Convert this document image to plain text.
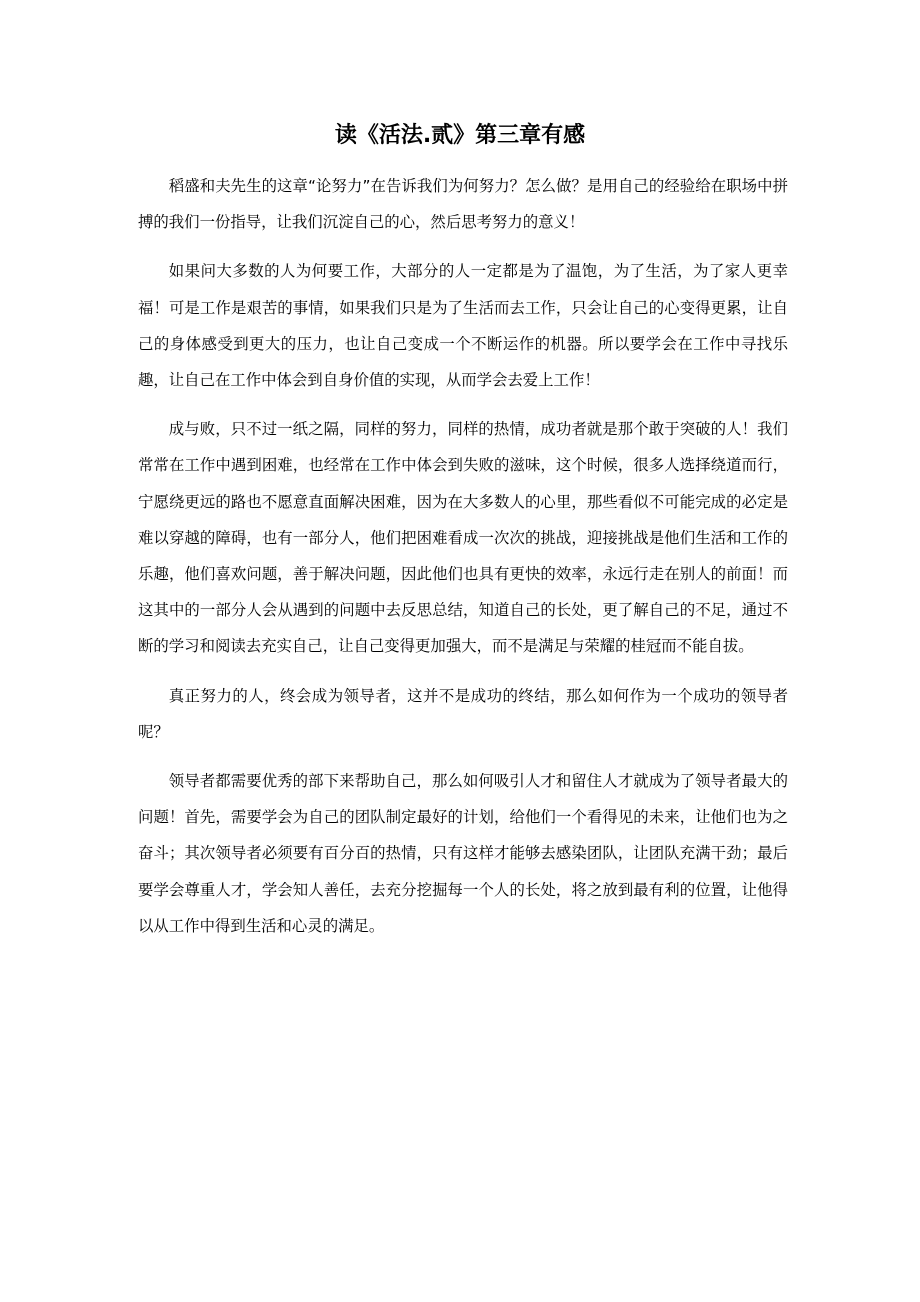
读《活法.贰》第三章有感

稻盛和夫先生的这章“论努力”在告诉我们为何努力？怎么做？是用自己的经验给在职场中拼搏的我们一份指导，让我们沉淀自己的心，然后思考努力的意义！

如果问大多数的人为何要工作，大部分的人一定都是为了温饱，为了生活，为了家人更幸福！可是工作是艰苦的事情，如果我们只是为了生活而去工作，只会让自己的心变得更累，让自己的身体感受到更大的压力，也让自己变成一个不断运作的机器。所以要学会在工作中寻找乐趣，让自己在工作中体会到自身价值的实现，从而学会去爱上工作！

成与败，只不过一纸之隔，同样的努力，同样的热情，成功者就是那个敢于突破的人！我们常常在工作中遇到困难，也经常在工作中体会到失败的滋味，这个时候，很多人选择绕道而行，宁愿绕更远的路也不愿意直面解决困难，因为在大多数人的心里，那些看似不可能完成的必定是难以穿越的障碍，也有一部分人，他们把困难看成一次次的挑战，迎接挑战是他们生活和工作的乐趣，他们喜欢问题，善于解决问题，因此他们也具有更快的效率，永远行走在别人的前面！而这其中的一部分人会从遇到的问题中去反思总结，知道自己的长处，更了解自己的不足，通过不断的学习和阅读去充实自己，让自己变得更加强大，而不是满足与荣耀的桂冠而不能自拔。

真正努力的人，终会成为领导者，这并不是成功的终结，那么如何作为一个成功的领导者呢？

领导者都需要优秀的部下来帮助自己，那么如何吸引人才和留住人才就成为了领导者最大的问题！首先，需要学会为自己的团队制定最好的计划，给他们一个看得见的未来，让他们也为之奋斗；其次领导者必须要有百分百的热情，只有这样才能够去感染团队，让团队充满干劲；最后要学会尊重人才，学会知人善任，去充分挖掘每一个人的长处，将之放到最有利的位置，让他得以从工作中得到生活和心灵的满足。
